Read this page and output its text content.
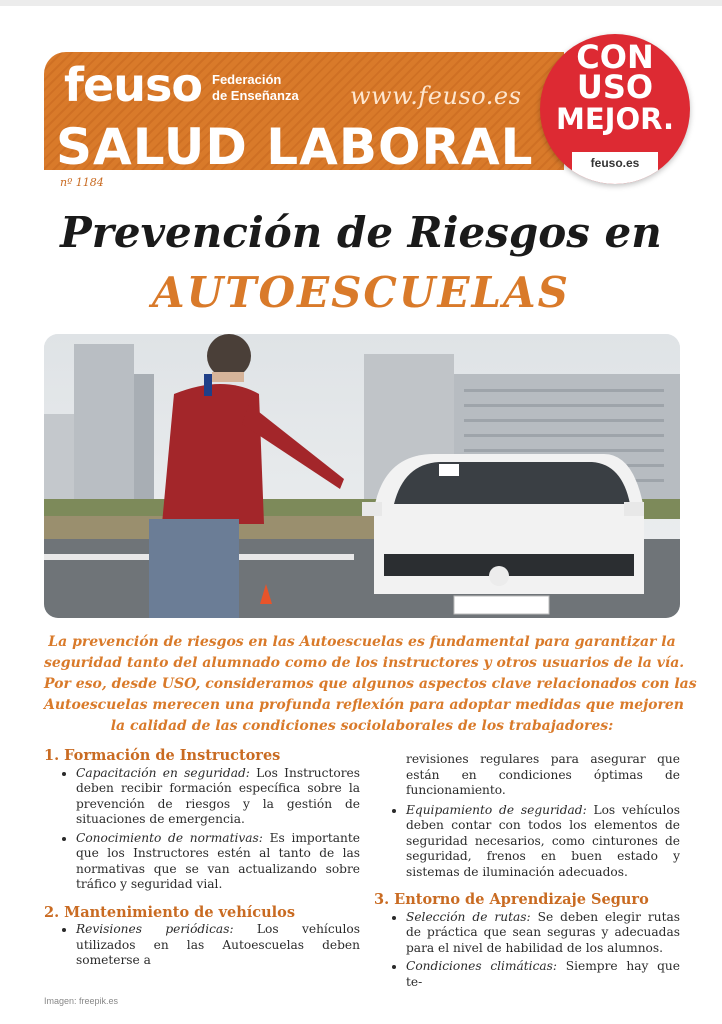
feuso Federación
de Enseñanza www.feuso.es
SALUD LABORAL
nº 1184
CON
USO
MEJOR.
feuso.es
Prevención de Riesgos en
AUTOESCUELAS
La prevención de riesgos en las Autoescuelas es fundamental para garantizar la
seguridad tanto del alumnado como de los instructores y otros usuarios de la vía.
Por eso, desde USO, consideramos que algunos aspectos clave relacionados con las
Autoescuelas merecen una profunda reflexión para adoptar medidas que mejoren
la calidad de las condiciones sociolaborales de los trabajadores:
1. Formación de Instructores
• Capacitación en seguridad: Los Instructores deben recibir formación específica sobre la prevención de riesgos y la gestión de situaciones de emergencia.
• Conocimiento de normativas: Es importante que los Instructores estén al tanto de las normativas que se van actualizando sobre tráfico y seguridad vial.
2. Mantenimiento de vehículos
• Revisiones periódicas: Los vehículos utilizados en las Autoescuelas deben someterse a
revisiones regulares para asegurar que están en condiciones óptimas de funcionamiento.
• Equipamiento de seguridad: Los vehículos deben contar con todos los elementos de seguridad necesarios, como cinturones de seguridad, frenos en buen estado y sistemas de iluminación adecuados.
3. Entorno de Aprendizaje Seguro
• Selección de rutas: Se deben elegir rutas de práctica que sean seguras y adecuadas para el nivel de habilidad de los alumnos.
• Condiciones climáticas: Siempre hay que te-
Imagen: freepik.es
